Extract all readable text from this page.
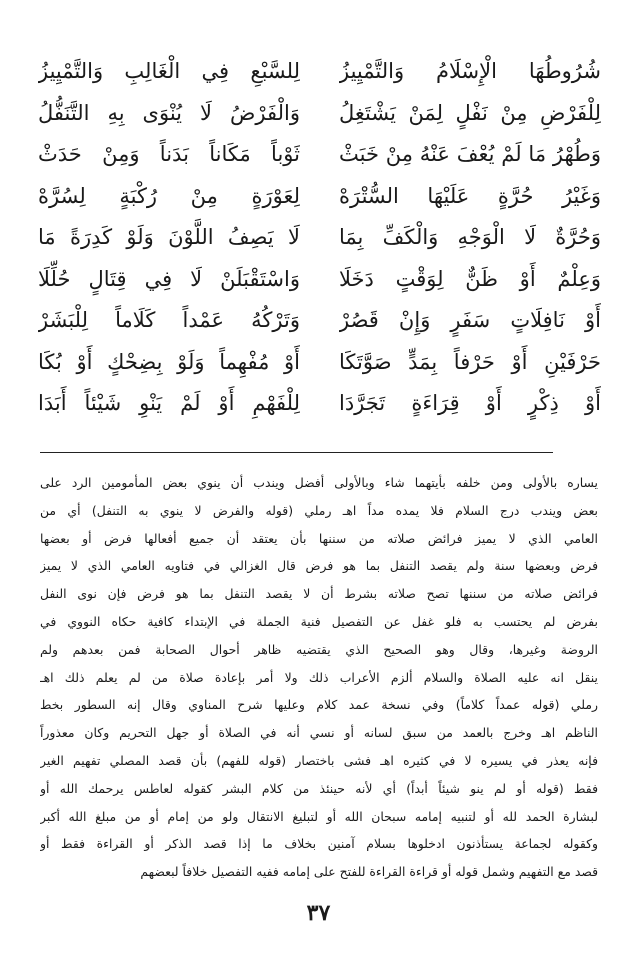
شُرُوطُهَا الْإِسْلَامُ وَالتَّمْيِيزُ
لِلسَّبْعِ فِي الْغَالِبِ وَالتَّمْيِيزُ
لِلْفَرْضِ مِنْ نَفْلٍ لِمَنْ يَشْتَغِلُ
وَالْفَرْضُ لَا يُنْوَى بِهِ التَّنَفُّلُ
وَطُهْرُ مَا لَمْ يُعْفَ عَنْهُ مِنْ خَبَثْ
ثَوْباً مَكَاناً بَدَناً وَمِنْ حَدَثْ
وَغَيْرُ حُرَّةٍ عَلَيْهَا السُّتْرَهْ
لِعَوْرَةٍ مِنْ رُكْبَةٍ لِسُرَّهْ
وَحُرَّةٌ لَا الْوَجْهِ وَالْكَفِّ بِمَا
لَا يَصِفُ اللَّوْنَ وَلَوْ كَدِرَةً مَا
وَعِلْمٌ أَوْ ظَنٌّ لِوَقْتٍ دَخَلَا
وَاسْتَقْبَلَنْ لَا فِي قِتَالٍ حُلِّلَا
أَوْ نَافِلَاتٍ سَفَرٍ وَإِنْ قَصُرْ
وَتَرْكُهُ عَمْداً كَلَاماً لِلْبَشَرْ
حَرْفَيْنِ أَوْ حَرْفاً بِمَدٍّ صَوَّتَكَا
أَوْ مُفْهِماً وَلَوْ بِضِحْكٍ أَوْ بُكَا
أَوْ ذِكْرٍ أَوْ قِرَاءَةٍ تَجَرَّدَا
لِلْفَهْمِ أَوْ لَمْ يَنْوِ شَيْئاً أَبَدَا
يساره بالأولى ومن خلفه بأيتهما شاء وبالأولى أفضل ويندب أن ينوي بعض المأمومين الرد على
بعض ويندب درج السلام فلا يمده مداً اهـ رملي (قوله والفرض لا ينوي به التنفل) أي من
العامي الذي لا يميز فرائض صلاته من سننها بأن يعتقد أن جميع أفعالها فرض أو بعضها
فرض وبعضها سنة ولم يقصد التنفل بما هو فرض قال الغزالي في فتاويه العامي الذي لا يميز
فرائض صلاته من سننها تصح صلاته بشرط أن لا يقصد التنفل بما هو فرض فإن نوى النفل
بفرض لم يحتسب به فلو غفل عن التفصيل فنية الجملة في الإبتداء كافية حكاه النووي في
الروضة وغيرها، وقال وهو الصحيح الذي يقتضيه ظاهر أحوال الصحابة فمن بعدهم ولم
ينقل انه عليه الصلاة والسلام ألزم الأعراب ذلك ولا أمر بإعادة صلاة من لم يعلم ذلك اهـ
رملي (قوله عمداً كلاماً) وفي نسخة عمد كلام وعليها شرح المناوي وقال إنه السطور بخط
الناظم اهـ وخرج بالعمد من سبق لسانه أو نسي أنه في الصلاة أو جهل التحريم وكان معذوراً
فإنه يعذر في يسيره لا في كثيره اهـ فشى باختصار (قوله للفهم) بأن قصد المصلي تفهيم الغير
فقط (قوله أو لم ينو شيئاً أبداً) أي لأنه حينئذ من كلام البشر كقوله لعاطس يرحمك الله أو
لبشارة الحمد لله أو لتنبيه إمامه سبحان الله أو لتبليغ الانتقال ولو من إمام أو من مبلغ الله أكبر
وكقوله لجماعة يستأذنون ادخلوها بسلام آمنين بخلاف ما إذا قصد الذكر أو القراءة فقط أو
قصد مع التفهيم وشمل قوله أو قراءة القراءة للفتح على إمامه ففيه التفصيل خلافاً لبعضهم
٣٧
